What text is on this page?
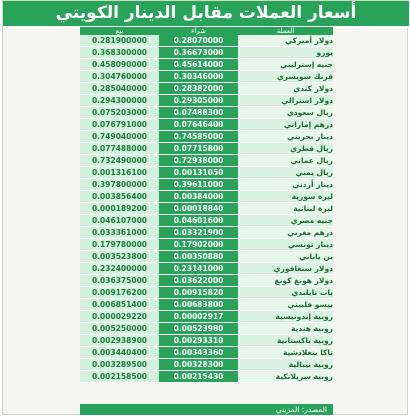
أسعار العملات مقابل الدينار الكويتي
بيع	شراء	العملة
0.281900000	0.28070000	دولار أميركي
0.368300000	0.36673000	يورو
0.458090000	0.45614000	جنيه إسترليني
0.304760000	0.30346000	فرنك سويسري
0.285040000	0.28382000	دولار كندي
0.294300000	0.29305000	دولار استرالي
0.075203000	0.07488300	ريال سعودي
0.076791000	0.07646400	درهم إماراتي
0.749040000	0.74585000	دينار بحريني
0.077488000	0.07715800	ريال قطري
0.732490000	0.72938000	ريال عماني
0.001316100	0.00131050	ريال يمني
0.397800000	0.39611000	دينار أردني
0.003856400	0.00384000	ليرة سورية
0.000189200	0.00018840	ليرة لبنانية
0.046107000	0.04601600	جنيه مصري
0.033361000	0.03321900	درهم مغربي
0.179780000	0.17902000	دينار تونسي
0.003523800	0.00350880	ين ياباني
0.232400000	0.23141000	دولار سنغافوري
0.036375000	0.03622000	دولار هونغ كونغ
0.009176200	0.00915820	بات تايلندي
0.006851400	0.00683800	بيسو فلبيني
0.000029220	0.00002917	روبية إندونيسية
0.005250000	0.00523980	روبية هندية
0.002938900	0.00293310	روبية باكستانية
0.003440400	0.00343360	تاكا بنغلادشية
0.003289500	0.00328300	روبية نيبالية
0.002158500	0.00215430	روبية سريلانكية
المصدر: المزيني
